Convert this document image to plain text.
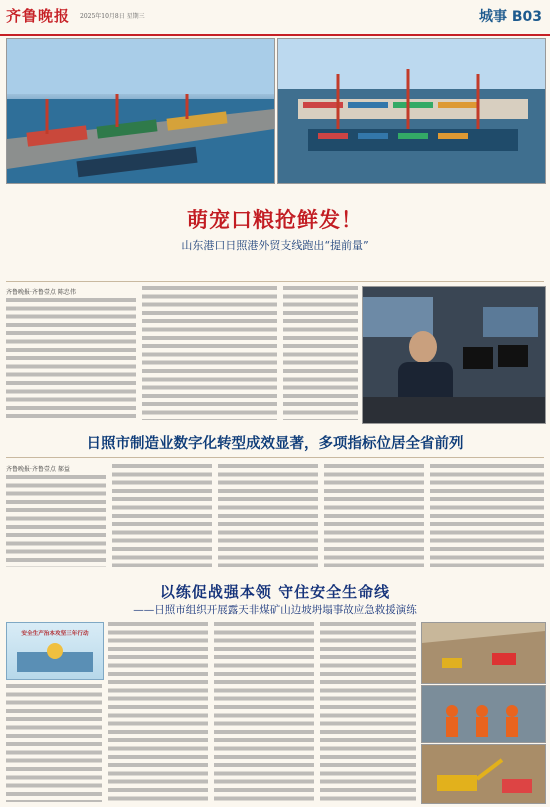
齐鲁晚报 2025年10月8日 星期三	城事 B03
萌宠口粮抢鲜发！
山东港口日照港外贸支线跑出“提前量”
齐鲁晚报·齐鲁壹点 陈忠伟
日照市制造业数字化转型成效显著，多项指标位居全省前列
齐鲁晚报·齐鲁壹点 郝益
以练促战强本领 守住安全生命线
——日照市组织开展露天非煤矿山边坡坍塌事故应急救援演练
安全生产治本攻坚三年行动
